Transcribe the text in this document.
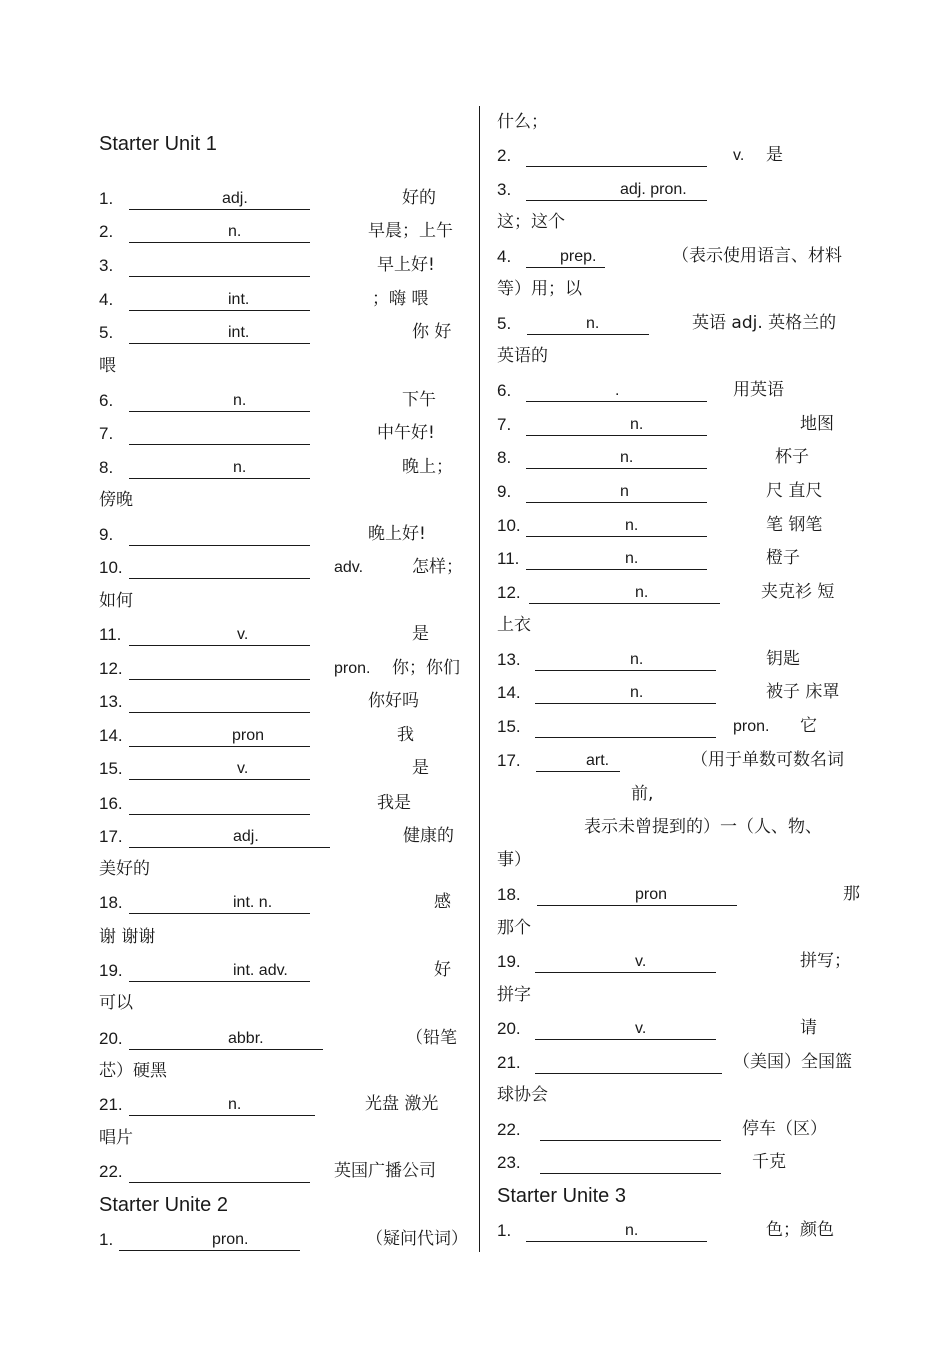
Starter Unit 1
1.	adj.	好的
2.	n.	早晨；上午
3.	早上好!
4.	int.	；嗨 喂
5.	int.	你 好
喂
6.	n.	下午
7.	中午好!
8.	n.	晚上；
傍晚
9.	晚上好!
10.	adv.	怎样；
如何
11.	v.	是
12.	pron. 你；你们
13.	你好吗
14.	pron	我
15.	v.	是
16.	我是
17.	adj.	健康的
美好的
18.	int. n.	感
谢 谢谢
19.	int. adv.	好
可以
20.	abbr.	（铅笔
芯）硬黑
21.	n.	光盘 激光
唱片
22.	英国广播公司
Starter Unite 2
1.	pron.	（疑问代词）
什么；
2.	v. 是
3.	adj. pron.
这；这个
4.	prep.	（表示使用语言、材料
等）用；以
5.	n.	英语 adj. 英格兰的
英语的
6.	.	用英语
7.	n.	地图
8.	n.	杯子
9.	n	尺 直尺
10.	n.	笔 钢笔
11.	n.	橙子
12.	n.	夹克衫 短
上衣
13.	n.	钥匙
14.	n.	被子 床罩
15.	pron. 它
17.	art.	（用于单数可数名词
前,
表示未曾提到的）一（人、物、
事）
18.	pron	那
那个
19.	v.	拼写；
拼字
20.	v.	请
21.	（美国）全国篮
球协会
22.	停车（区）
23.	千克
Starter Unite 3
1.	n.	色；颜色
